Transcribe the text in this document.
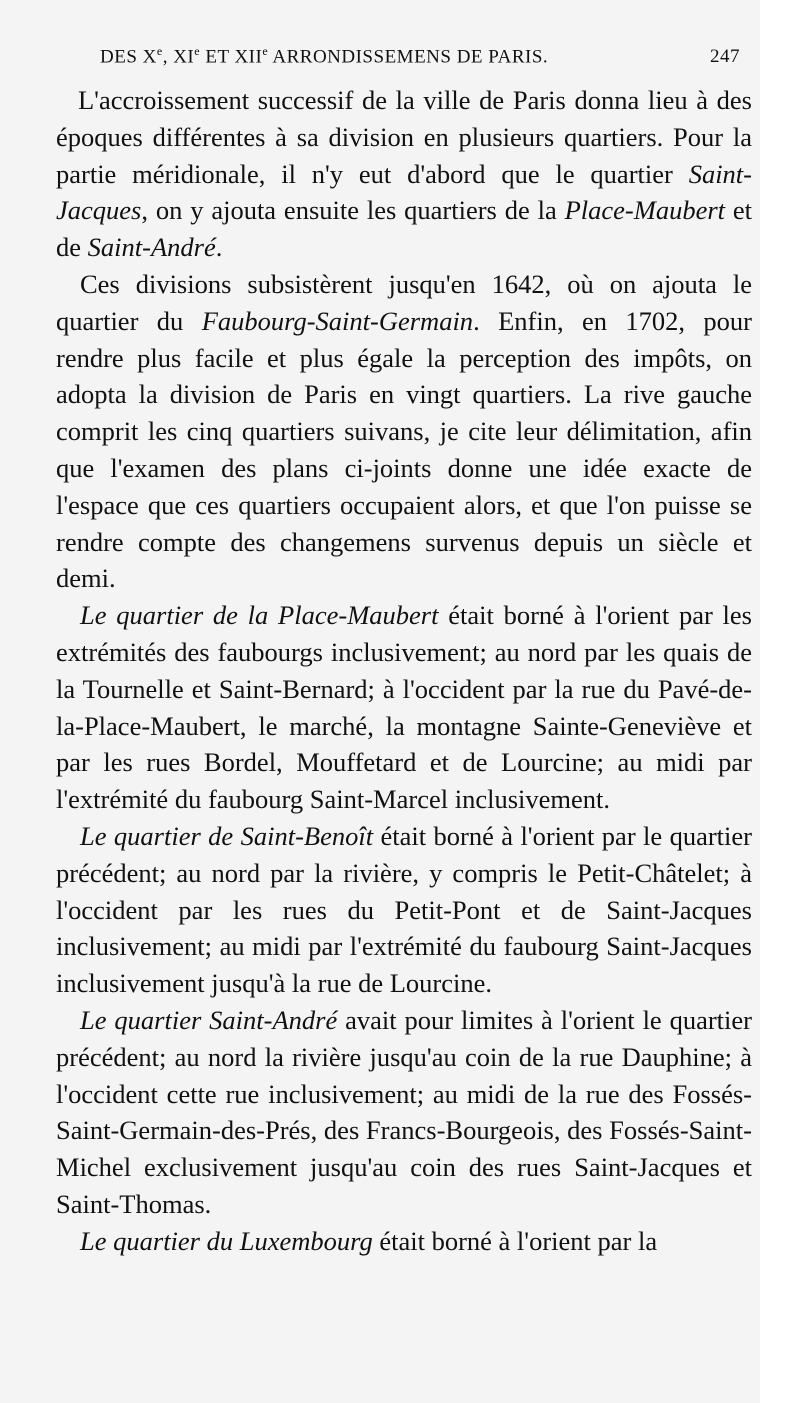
DES Xe, XIe ET XIIe ARRONDISSEMENS DE PARIS.	247

L'accroissement successif de la ville de Paris donna lieu à des époques différentes à sa division en plusieurs quartiers. Pour la partie méridionale, il n'y eut d'abord que le quartier Saint-Jacques, on y ajouta ensuite les quartiers de la Place-Maubert et de Saint-André.

Ces divisions subsistèrent jusqu'en 1642, où on ajouta le quartier du Faubourg-Saint-Germain. Enfin, en 1702, pour rendre plus facile et plus égale la perception des impôts, on adopta la division de Paris en vingt quartiers. La rive gauche comprit les cinq quartiers suivans, je cite leur délimitation, afin que l'examen des plans ci-joints donne une idée exacte de l'espace que ces quartiers occupaient alors, et que l'on puisse se rendre compte des changemens survenus depuis un siècle et demi.

Le quartier de la Place-Maubert était borné à l'orient par les extrémités des faubourgs inclusivement; au nord par les quais de la Tournelle et Saint-Bernard; à l'occident par la rue du Pavé-de-la-Place-Maubert, le marché, la montagne Sainte-Geneviève et par les rues Bordel, Mouffetard et de Lourcine; au midi par l'extrémité du faubourg Saint-Marcel inclusivement.

Le quartier de Saint-Benoît était borné à l'orient par le quartier précédent; au nord par la rivière, y compris le Petit-Châtelet; à l'occident par les rues du Petit-Pont et de Saint-Jacques inclusivement; au midi par l'extrémité du faubourg Saint-Jacques inclusivement jusqu'à la rue de Lourcine.

Le quartier Saint-André avait pour limites à l'orient le quartier précédent; au nord la rivière jusqu'au coin de la rue Dauphine; à l'occident cette rue inclusivement; au midi de la rue des Fossés-Saint-Germain-des-Prés, des Francs-Bourgeois, des Fossés-Saint-Michel exclusivement jusqu'au coin des rues Saint-Jacques et Saint-Thomas.

Le quartier du Luxembourg était borné à l'orient par la
